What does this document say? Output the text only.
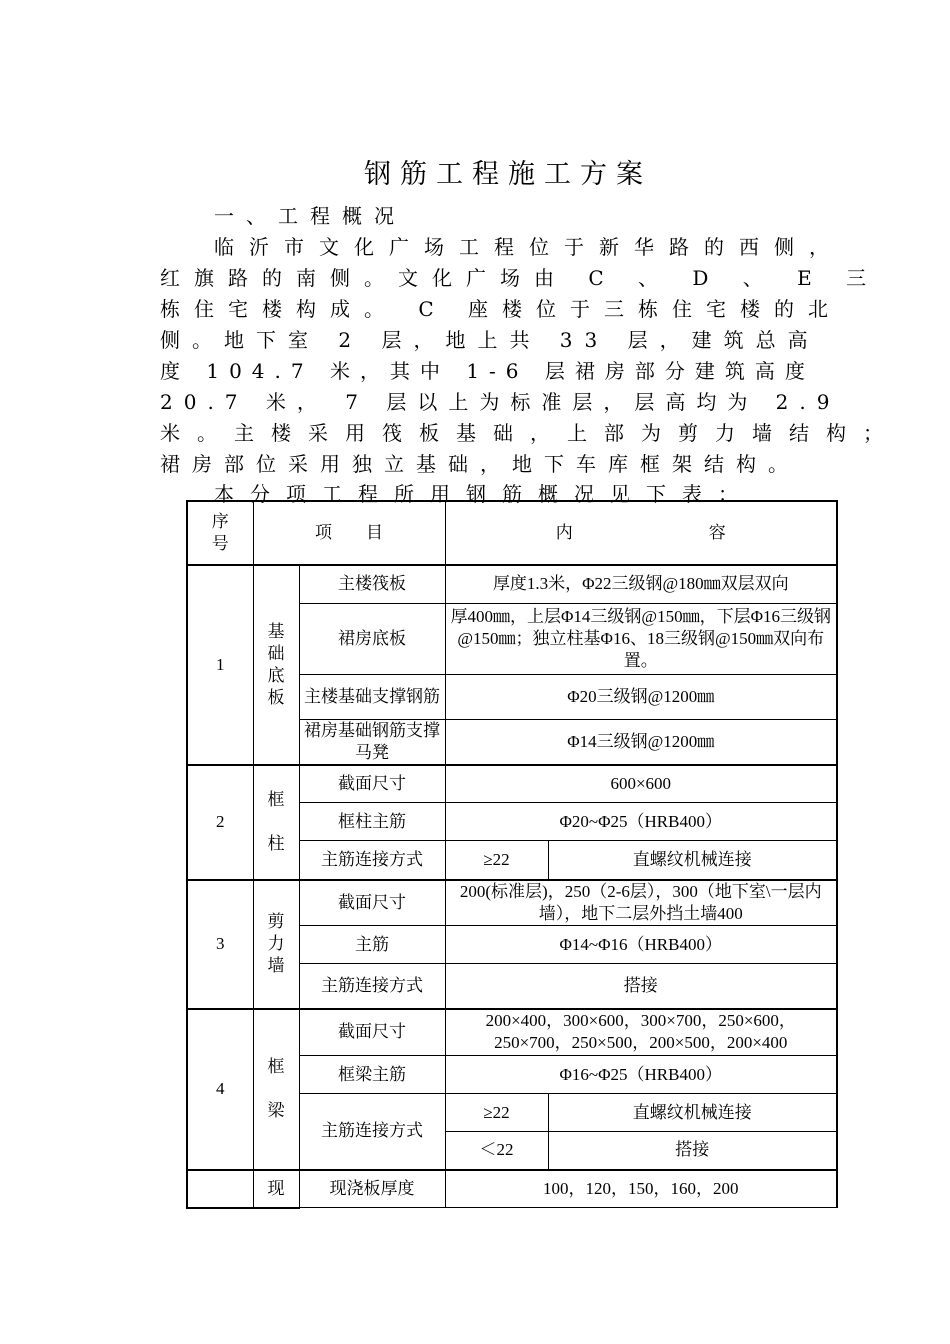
钢筋工程施工方案
一、工程概况
临沂市文化广场工程位于新华路的西侧，
红旗路的南侧。文化广场由 C 、 D 、 E 三
栋住宅楼构成。 C 座楼位于三栋住宅楼的北
侧。地下室 2 层，地上共 33 层，建筑总高
度 104.7 米，其中 1-6 层裙房部分建筑高度
20.7 米， 7 层以上为标准层，层高均为 2.9
米。主楼采用筏板基础，上部为剪力墙结构；
裙房部位采用独立基础，地下车库框架结构。
本分项工程所用钢筋概况见下表：
序号	项　　目		内　　　　　　　　容	
1	基础底板	主楼筏板	厚度1.3米，Φ22三级钢@180㎜双层双向	
		裙房底板	厚400㎜，上层Φ14三级钢@150㎜，下层Φ16三级钢@150㎜；独立柱基Φ16、18三级钢@150㎜双向布置。	
		主楼基础支撑钢筋	Φ20三级钢@1200㎜	
		裙房基础钢筋支撑马凳	Φ14三级钢@1200㎜	
2	框柱	截面尺寸	600×600	
		框柱主筋	Φ20~Φ25（HRB400）	
		主筋连接方式	≥22	直螺纹机械连接
3	剪力墙	截面尺寸	200(标准层)，250（2-6层），300（地下室\一层内墙），地下二层外挡土墙400	
		主筋	Φ14~Φ16（HRB400）	
		主筋连接方式	搭接	
4	框梁	截面尺寸	200×400，300×600，300×700，250×600，250×700，250×500，200×500，200×400	
		框梁主筋	Φ16~Φ25（HRB400）	
		主筋连接方式	≥22	直螺纹机械连接
			＜22	搭接
	现	现浇板厚度	100，120，150，160，200	
